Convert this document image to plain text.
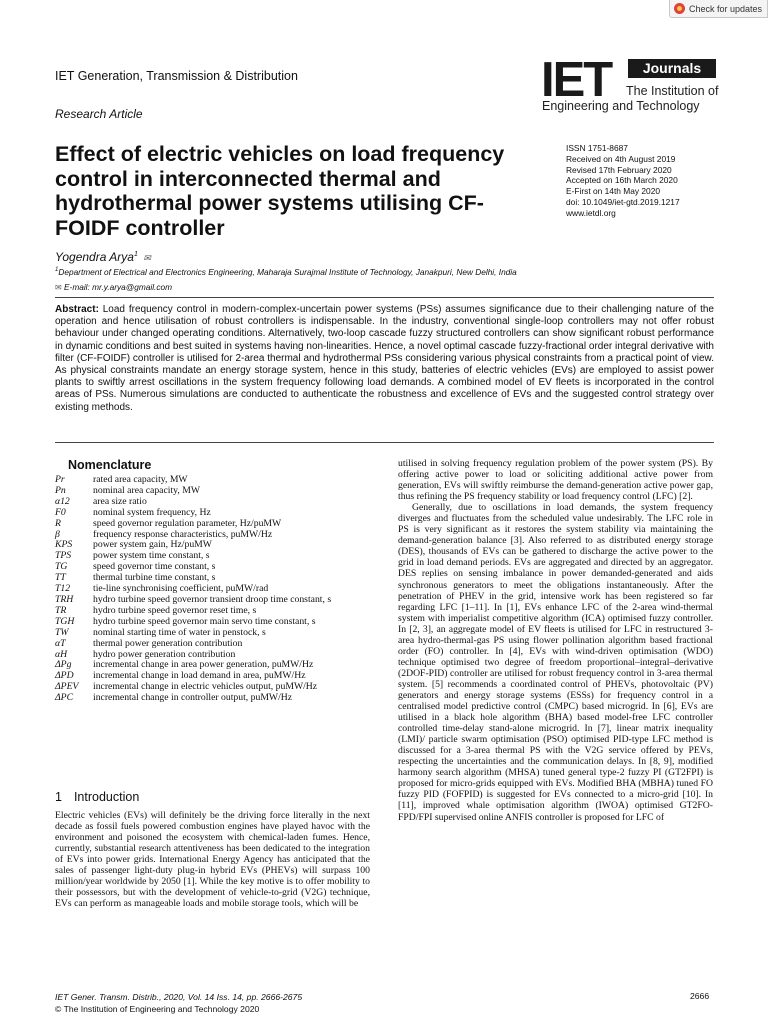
Check for updates
IET Generation, Transmission & Distribution
Research Article
IET	Journals
The Institution of
Engineering and Technology
Effect of electric vehicles on load frequency control in interconnected thermal and hydrothermal power systems utilising CF-FOIDF controller
ISSN 1751-8687
Received on 4th August 2019
Revised 17th February 2020
Accepted on 16th March 2020
E-First on 14th May 2020
doi: 10.1049/iet-gtd.2019.1217
www.ietdl.org
Yogendra Arya$^1$ ✉
$^1$Department of Electrical and Electronics Engineering, Maharaja Surajmal Institute of Technology, Janakpuri, New Delhi, India
✉ E-mail: mr.y.arya@gmail.com

Abstract: Load frequency control in modern-complex-uncertain power systems (PSs) assumes significance due to their challenging nature of the operation and hence utilisation of robust controllers is indispensable. In the industry, conventional single-loop controllers may not offer robust behaviour under changed operating conditions. Alternatively, two-loop cascade fuzzy structured controllers can show significant robust performance in dynamic conditions and best suited in systems having non-linearities. Hence, a novel optimal cascade fuzzy-fractional order integral derivative with filter (CF-FOIDF) controller is utilised for 2-area thermal and hydrothermal PSs considering various physical constraints from a practical point of view. As physical constraints mandate an energy storage system, hence in this study, batteries of electric vehicles (EVs) are employed to assist power plants to swiftly arrest oscillations in the system frequency following load demands. A combined model of EV fleets is incorporated in the control areas of PSs. Numerous simulations are conducted to authenticate the robustness and excellence of EVs and the suggested control strategy over existing methods.

Nomenclature
Pr	rated area capacity, MW
Pn	nominal area capacity, MW
α12	area size ratio
F0	nominal system frequency, Hz
R	speed governor regulation parameter, Hz/puMW
β	frequency response characteristics, puMW/Hz
KPS	power system gain, Hz/puMW
TPS	power system time constant, s
TG	speed governor time constant, s
TT	thermal turbine time constant, s
T12	tie-line synchronising coefficient, puMW/rad
TRH	hydro turbine speed governor transient droop time constant, s
TR	hydro turbine speed governor reset time, s
TGH	hydro turbine speed governor main servo time constant, s
TW	nominal starting time of water in penstock, s
αT	thermal power generation contribution
αH	hydro power generation contribution
ΔPg	incremental change in area power generation, puMW/Hz
ΔPD	incremental change in load demand in area, puMW/Hz
ΔPEV	incremental change in electric vehicles output, puMW/Hz
ΔPC	incremental change in controller output, puMW/Hz
1 Introduction

Electric vehicles (EVs) will definitely be the driving force literally in the next decade as fossil fuels powered combustion engines have played havoc with the environment and poisoned the ecosystem with chemical-laden fumes. Hence, currently, substantial research attentiveness has been dedicated to the integration of EVs into power grids. International Energy Agency has anticipated that the sales of passenger light-duty plug-in hybrid EVs (PHEVs) will surpass 100 million/year worldwide by 2050 [1]. While the key motive is to offer mobility to their possessors, but with the development of vehicle-to-grid (V2G) technique, EVs can perform as manageable loads and mobile storage tools, which will be

utilised in solving frequency regulation problem of the power system (PS). By offering active power to load or soliciting additional active power from generation, EVs will swiftly reimburse the demand-generation active power gap, thus refining the PS frequency stability or load frequency control (LFC) [2].

Generally, due to oscillations in load demands, the system frequency diverges and fluctuates from the scheduled value undesirably. The LFC role in PS is very significant as it restores the system stability via maintaining the demand-generation balance [3]. Also referred to as distributed energy storage (DES), thousands of EVs can be gathered to discharge the active power to the grid in load demand periods. EVs are aggregated and directed by an aggregator. DES replies on sensing imbalance in power demanded-generated and aids synchronous generators to meet the obligations instantaneously. After the penetration of PHEV in the grid, intensive work has been registered so far regarding LFC [1–11]. In [1], EVs enhance LFC of the 2-area wind-thermal system with imperialist competitive algorithm (ICA) optimised fuzzy controller. In [2, 3], an aggregate model of EV fleets is utilised for LFC in restructured 3-area hydro-thermal-gas PS using flower pollination algorithm based fractional order (FO) controller. In [4], EVs with wind-driven optimisation (WDO) technique optimised two degree of freedom proportional–integral–derivative (2DOF-PID) controller are utilised for robust frequency control in 3-area thermal system. [5] recommends a coordinated control of PHEVs, photovoltaic (PV) generators and energy storage systems (ESSs) for frequency control in a centralised model predictive control (CMPC) based microgrid. In [6], EVs are utilised in a black hole algorithm (BHA) based model-free LFC controller controlled time-delay stand-alone microgrid. In [7], linear matrix inequality (LMI)/ particle swarm optimisation (PSO) optimised PID-type LFC method is discussed for a 3-area thermal PS with the V2G service offered by PEVs, respecting the uncertainties and the communication delays. In [8, 9], modified harmony search algorithm (MHSA) tuned general type-2 fuzzy PI (GT2FPI) is proposed for micro-grids equipped with EVs. Modified BHA (MBHA) tuned FO fuzzy PID (FOFPID) is suggested for EVs connected to a micro-grid [10]. In [11], improved whale optimisation algorithm (IWOA) optimised GT2FO-FPD/FPI supervised online ANFIS controller is proposed for LFC of

IET Gener. Transm. Distrib., 2020, Vol. 14 Iss. 14, pp. 2666-2675
© The Institution of Engineering and Technology 2020
2666
